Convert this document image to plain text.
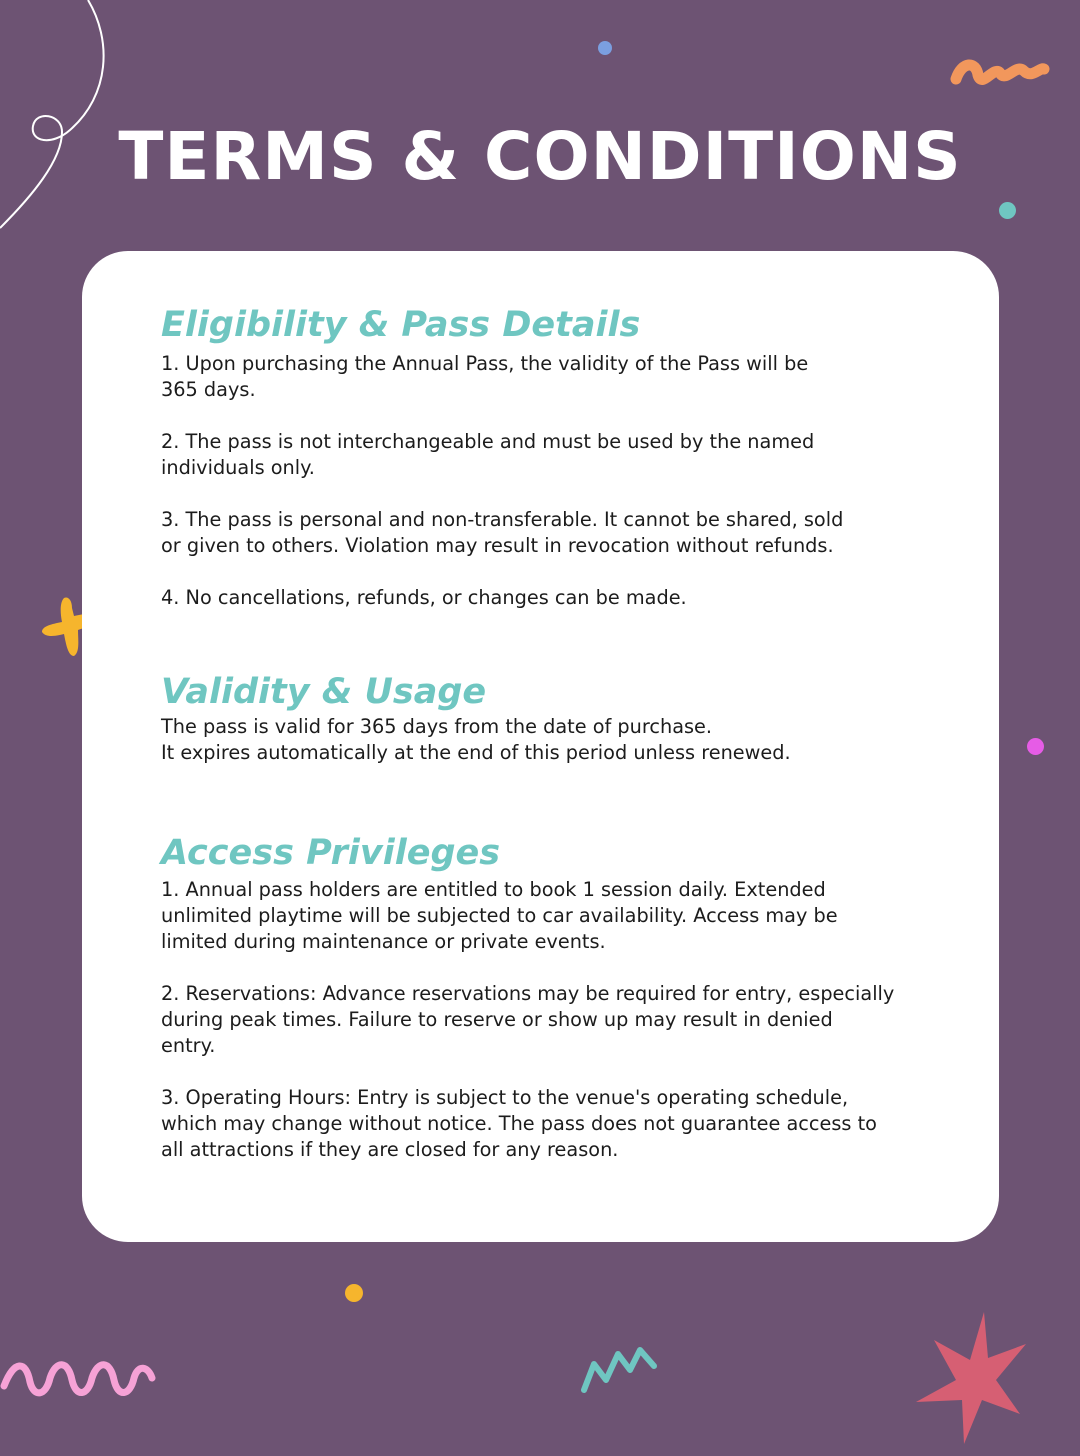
TERMS & CONDITIONS
Eligibility & Pass Details

1. Upon purchasing the Annual Pass, the validity of the Pass will be
365 days.

2. The pass is not interchangeable and must be used by the named
individuals only.

3. The pass is personal and non-transferable. It cannot be shared, sold
or given to others. Violation may result in revocation without refunds.

4. No cancellations, refunds, or changes can be made.

Validity & Usage

The pass is valid for 365 days from the date of purchase.
It expires automatically at the end of this period unless renewed.

Access Privileges

1. Annual pass holders are entitled to book 1 session daily. Extended
unlimited playtime will be subjected to car availability. Access may be
limited during maintenance or private events.

2. Reservations: Advance reservations may be required for entry, especially
during peak times. Failure to reserve or show up may result in denied
entry.

3. Operating Hours: Entry is subject to the venue's operating schedule,
which may change without notice. The pass does not guarantee access to
all attractions if they are closed for any reason.
